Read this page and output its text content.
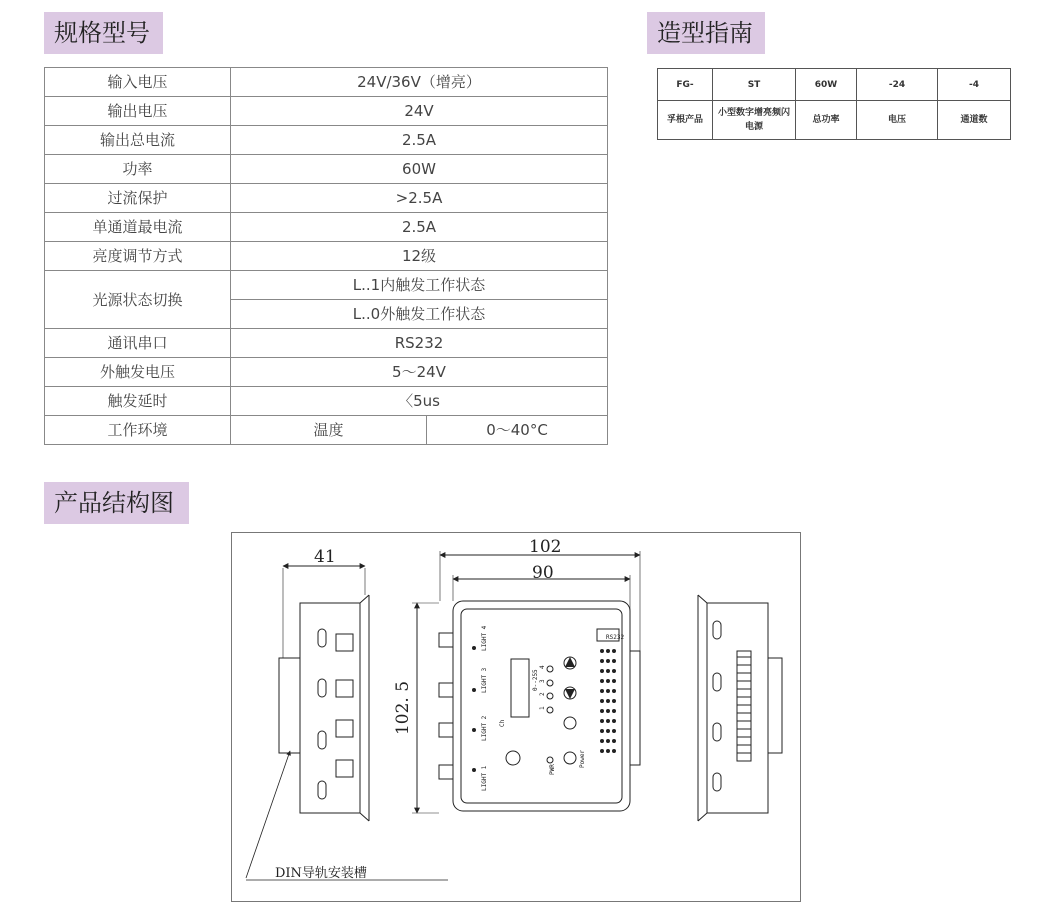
规格型号	造型指南
产品结构图
输入电压	24V/36V（增亮）	
输出电压	24V	
输出总电流	2.5A	
功率	60W	
过流保护	>2.5A	
单通道最电流	2.5A	
亮度调节方式	12级	
光源状态切换	L..1内触发工作状态	
	L..0外触发工作状态	
通讯串口	RS232	
外触发电压	5～24V	
触发延时	〈5us	
工作环境	温度	0～40°C
FG-	ST	60W	-24	-4
孚根产品	小型数字增亮频闪电源	总功率	电压	通道数
LIGHT 1
LIGHT 2
LIGHT 3
LIGHT 4
0--255
Ch
1
2
3
4
PWR
Power
RS232
41	102
90
102. 5
DIN导轨安装槽
